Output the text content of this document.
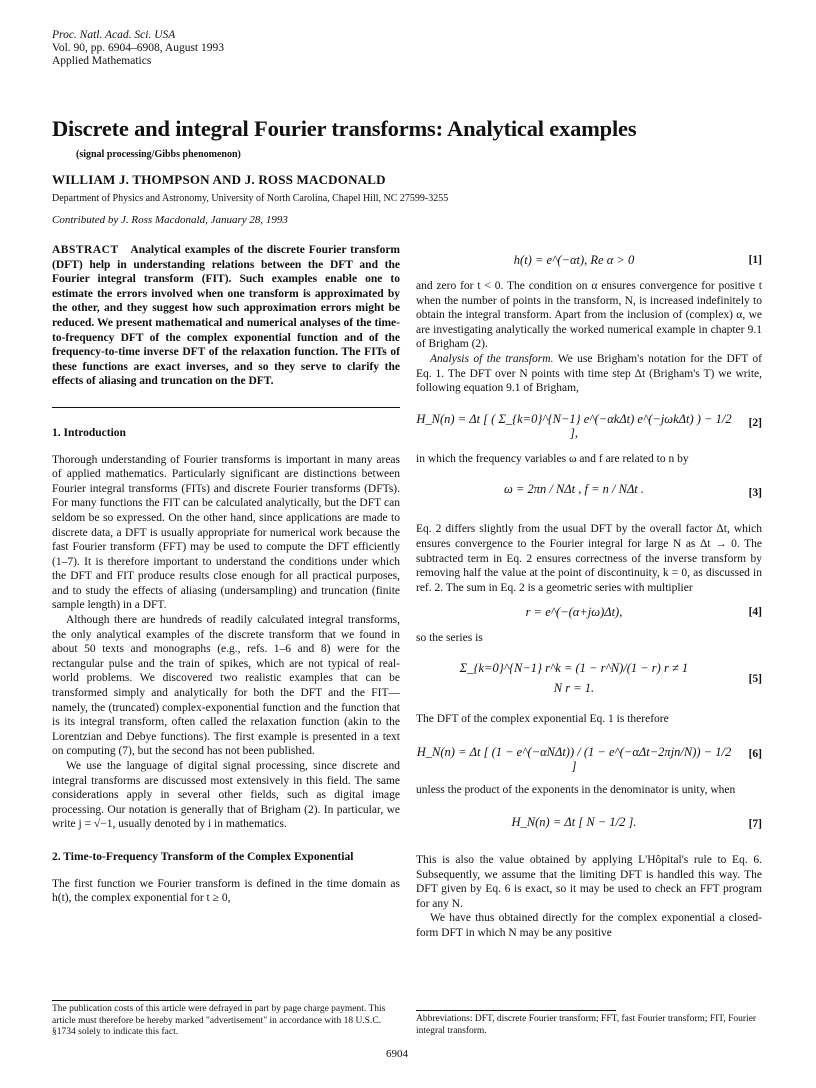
Proc. Natl. Acad. Sci. USA
Vol. 90, pp. 6904–6908, August 1993
Applied Mathematics
Discrete and integral Fourier transforms: Analytical examples
(signal processing/Gibbs phenomenon)
WILLIAM J. THOMPSON AND J. ROSS MACDONALD
Department of Physics and Astronomy, University of North Carolina, Chapel Hill, NC 27599-3255
Contributed by J. Ross Macdonald, January 28, 1993

ABSTRACT Analytical examples of the discrete Fourier transform (DFT) help in understanding relations between the DFT and the Fourier integral transform (FIT). Such examples enable one to estimate the errors involved when one transform is approximated by the other, and they suggest how such approximation errors might be reduced. We present mathematical and numerical analyses of the time-to-frequency DFT of the complex exponential function and of the frequency-to-time inverse DFT of the relaxation function. The FITs of these functions are exact inverses, and so they serve to clarify the effects of aliasing and truncation on the DFT.

1. Introduction

Thorough understanding of Fourier transforms is important in many areas of applied mathematics. Particularly significant are distinctions between Fourier integral transforms (FITs) and discrete Fourier transforms (DFTs). For many functions the FIT can be calculated analytically, but the DFT can seldom be so expressed. On the other hand, since applications are made to discrete data, a DFT is usually appropriate for numerical work because the fast Fourier transform (FFT) may be used to compute the DFT efficiently (1–7). It is therefore important to understand the conditions under which the DFT and FIT produce results close enough for all practical purposes, and to study the effects of aliasing (undersampling) and truncation (finite sample length) in a DFT.

Although there are hundreds of readily calculated integral transforms, the only analytical examples of the discrete transform that we found in about 50 texts and monographs (e.g., refs. 1–6 and 8) were for the rectangular pulse and the train of spikes, which are not typical of real-world problems. We discovered two realistic examples that can be transformed simply and analytically for both the DFT and the FIT—namely, the (truncated) complex-exponential function and the function that is its integral transform, often called the relaxation function (akin to the Lorentzian and Debye functions). The first example is presented in a text on computing (7), but the second has not been published.

We use the language of digital signal processing, since discrete and integral transforms are discussed most extensively in this field. The same considerations apply in several other fields, such as digital image processing. Our notation is generally that of Brigham (2). In particular, we write j = √−1, usually denoted by i in mathematics.

2. Time-to-Frequency Transform of the Complex Exponential

The first function we Fourier transform is defined in the time domain as h(t), the complex exponential for t ≥ 0,

The publication costs of this article were defrayed in part by page charge payment. This article must therefore be hereby marked "advertisement" in accordance with 18 U.S.C. §1734 solely to indicate this fact.
h(t) = e^(−αt), Re α > 0	[1]

and zero for t < 0. The condition on α ensures convergence for positive t when the number of points in the transform, N, is increased indefinitely to obtain the integral transform. Apart from the inclusion of (complex) α, we are investigating analytically the worked numerical example in chapter 9.1 of Brigham (2).

Analysis of the transform. We use Brigham's notation for the DFT of Eq. 1. The DFT over N points with time step Δt (Brigham's T) we write, following equation 9.1 of Brigham,

H_N(n) = Δt [ ( Σ_{k=0}^{N−1} e^(−αkΔt) e^(−jωkΔt) ) − 1/2 ],
[2]

in which the frequency variables ω and f are related to n by

ω = 2πn / NΔt , f = n / NΔt .	[3]

Eq. 2 differs slightly from the usual DFT by the overall factor Δt, which ensures convergence to the Fourier integral for large N as Δt → 0. The subtracted term in Eq. 2 ensures correctness of the inverse transform by removing half the value at the point of discontinuity, k = 0, as discussed in ref. 2. The sum in Eq. 2 is a geometric series with multiplier

r = e^(−(α+jω)Δt),	[4]

so the series is

Σ_{k=0}^{N−1} r^k = (1 − r^N)/(1 − r) r ≠ 1
N r = 1.
[5]

The DFT of the complex exponential Eq. 1 is therefore

H_N(n) = Δt [ (1 − e^(−αNΔt)) / (1 − e^(−αΔt−2πjn/N)) − 1/2 ]
[6]

unless the product of the exponents in the denominator is unity, when

H_N(n) = Δt [ N − 1/2 ].	[7]

This is also the value obtained by applying L'Hôpital's rule to Eq. 6. Subsequently, we assume that the limiting DFT is handled this way. The DFT given by Eq. 6 is exact, so it may be used to check an FFT program for any N.

We have thus obtained directly for the complex exponential a closed-form DFT in which N may be any positive

Abbreviations: DFT, discrete Fourier transform; FFT, fast Fourier transform; FIT, Fourier integral transform.
6904
